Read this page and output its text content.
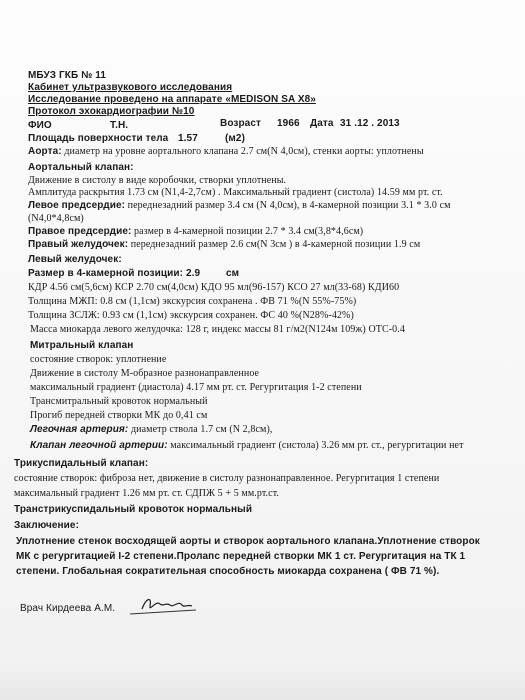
МБУЗ ГКБ № 11
Кабинет ультразвукового исследования
Исследование проведено на аппарате «MEDISON SA X8»
Протокол эхокардиографии №10
ФИО	Т.Н.	Возраст 1966 Дата 31 .12 . 2013
Площадь поверхности тела 1.57	(м2)
Аорта: диаметр на уровне аортального клапана 2.7 см(N 4,0см), стенки аорты: уплотнены
Аортальный клапан:
Движение в систолу в виде коробочки, створки уплотнены.
Амплитуда раскрытия 1.73 см (N1,4-2,7см) . Максимальный градиент (систола) 14.59 мм рт. ст.
Левое предсердие: переднезадний размер 3.4 см (N 4,0см), в 4-камерной позиции 3.1 * 3.0 см
(N4,0*4,8см)
Правое предсердие: размер в 4-камерной позиции 2.7 * 3.4 см(3,8*4,6см)
Правый желудочек: переднезадний размер 2.6 см(N 3см ) в 4-камерной позиции 1.9 см
Левый желудочек:
Размер в 4-камерной позиции: 2.9	см
КДР 4.56 см(5,6см) КСР 2.70 см(4,0см) КДО 95 мл(96-157) КСО 27 мл(33-68) КДИ60
Толщина МЖП: 0.8 см (1,1см) экскурсия сохранена . ФВ 71 %(N 55%-75%)
Толщина ЗСЛЖ: 0.93 см (1,1см) экскурсия сохранен. ФС 40 %(N28%-42%)
Масса миокарда левого желудочка: 128 г, индекс массы 81 г/м2(N124м 109ж) ОТС-0.4
Митральный клапан
состояние створок: уплотнение
Движение в систолу М-образное разнонаправленное
максимальный градиент (диастола) 4.17 мм рт. ст. Регургитация 1-2 степени
Трансмитральный кровоток нормальный
Прогиб передней створки МК до 0,41 см
Легочная артерия: диаметр ствола 1.7 см (N 2,8см),
Клапан легочной артерии: максимальный градиент (систола) 3.26 мм рт. ст., регургитации нет
Трикуспидальный клапан:
состояние створок: фиброза нет, движение в систолу разнонаправленное. Регургитация 1 степени
максимальный градиент 1.26 мм рт. ст. СДПЖ 5 + 5 мм.рт.ст.
Транстрикуспидальный кровоток нормальный
Заключение:
Уплотнение стенок восходящей аорты и створок аортального клапана.Уплотнение створок
МК с регургитацией I-2 степени.Пролапс передней створки МК 1 ст. Регургитация на ТК 1
степени. Глобальная сократительная способность миокарда сохранена ( ФВ 71 %).
Врач Кирдеева А.М.
